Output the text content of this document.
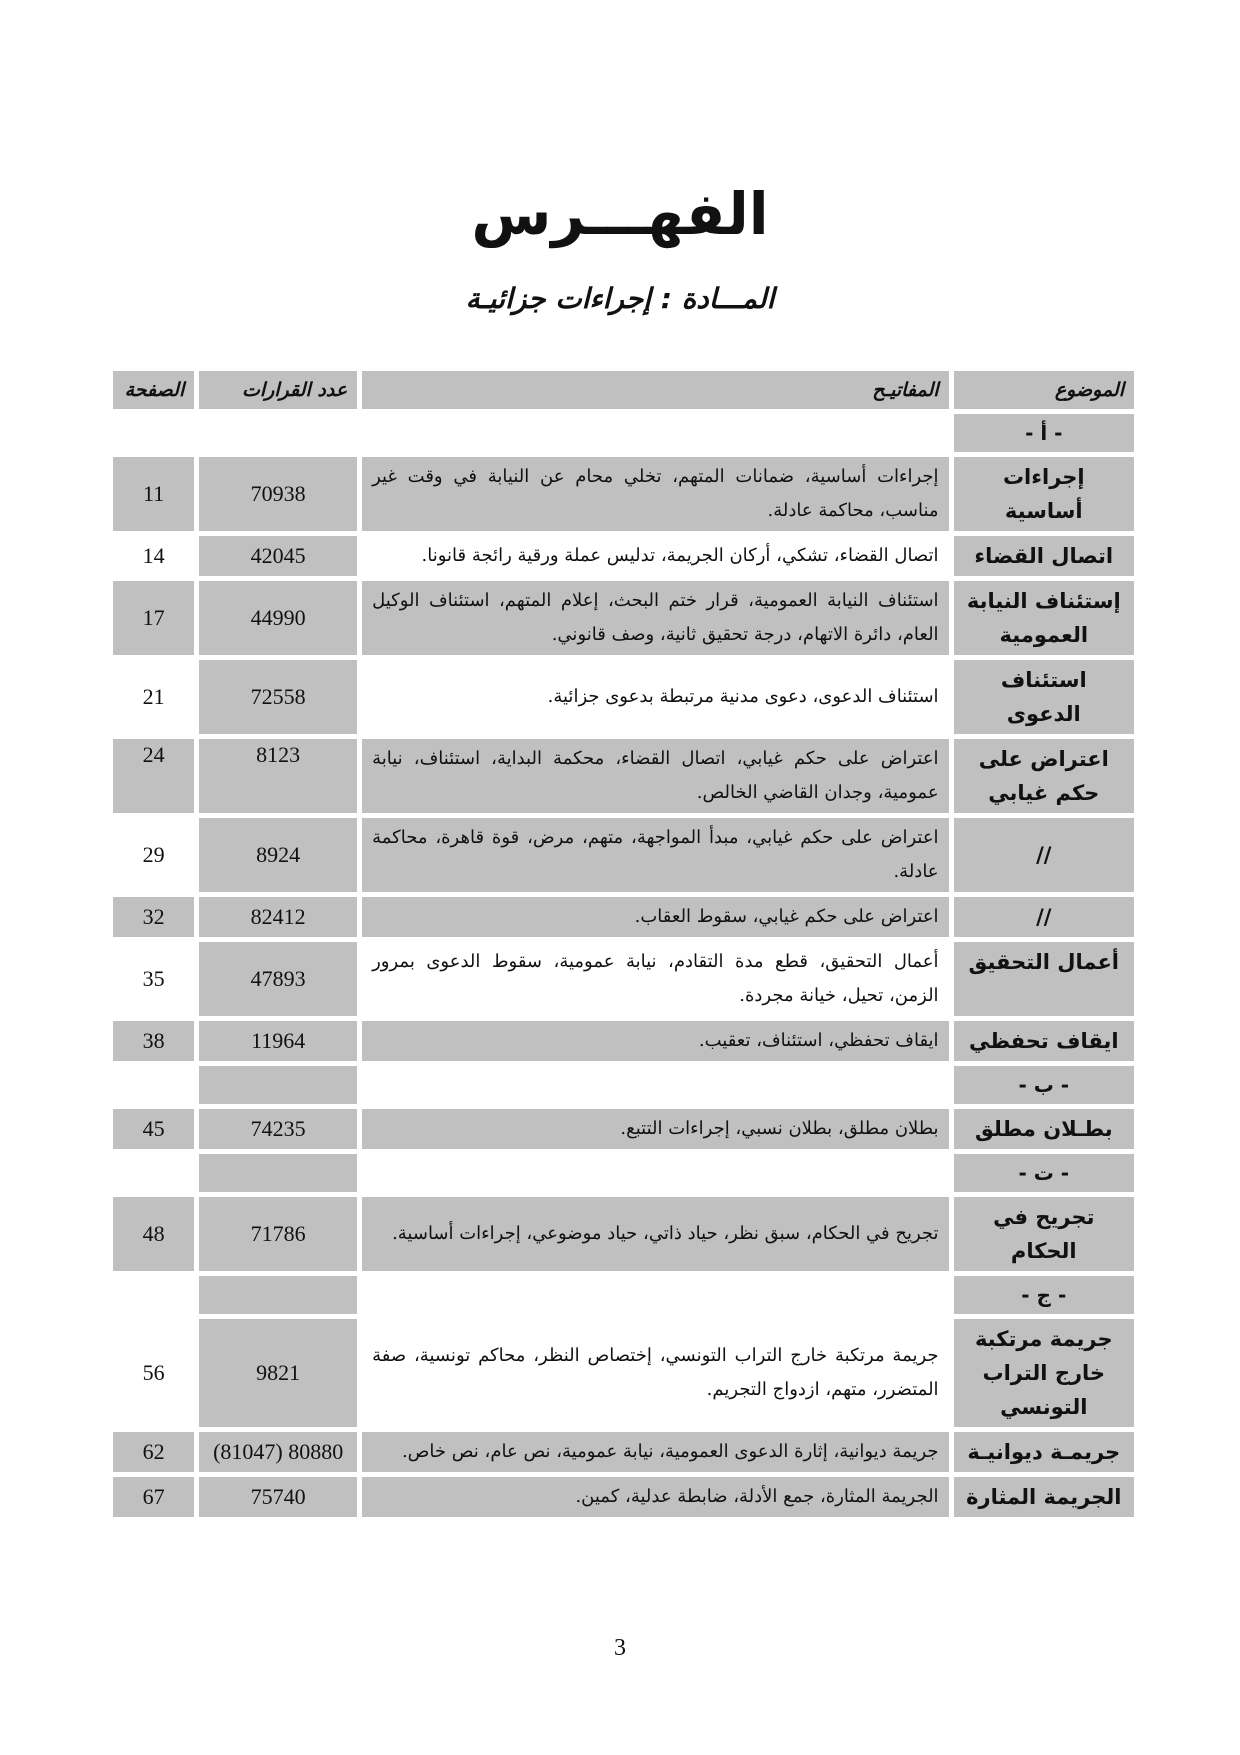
الفهـــرس
المـــادة : إجراءات جزائيـة
الموضوع	المفاتيـح	عدد القرارات	الصفحة
- أ -			
إجراءات أساسية	إجراءات أساسية، ضمانات المتهم، تخلي محام عن النيابة في وقت غير مناسب، محاكمة عادلة.	70938	11
اتصال القضاء	اتصال القضاء، تشكي، أركان الجريمة، تدليس عملة ورقية رائجة قانونا.	42045	14
إستئناف النيابة العمومية	استئناف النيابة العمومية، قرار ختم البحث، إعلام المتهم، استئناف الوكيل العام، دائرة الاتهام، درجة تحقيق ثانية، وصف قانوني.	44990	17
استئناف الدعوى	استئناف الدعوى، دعوى مدنية مرتبطة بدعوى جزائية.	72558	21
اعتراض على حكم غيابي	اعتراض على حكم غيابي، اتصال القضاء، محكمة البداية، استئناف، نيابة عمومية، وجدان القاضي الخالص.	8123	24
//	اعتراض على حكم غيابي، مبدأ المواجهة، متهم، مرض، قوة قاهرة، محاكمة عادلة.	8924	29
//	اعتراض على حكم غيابي، سقوط العقاب.	82412	32
أعمال التحقيق	أعمال التحقيق، قطع مدة التقادم، نيابة عمومية، سقوط الدعوى بمرور الزمن، تحيل، خيانة مجردة.	47893	35
ايقاف تحفظي	ايقاف تحفظي، استئناف، تعقيب.	11964	38
- ب -			
بطـلان مطلق	بطلان مطلق، بطلان نسبي، إجراءات التتبع.	74235	45
- ت -			
تجريح في الحكام	تجريح في الحكام، سبق نظر، حياد ذاتي، حياد موضوعي، إجراءات أساسية.	71786	48
- ج -			
جريمة مرتكبة خارج التراب التونسي	جريمة مرتكبة خارج التراب التونسي، إختصاص النظر، محاكم تونسية، صفة المتضرر، متهم، ازدواج التجريم.	9821	56
جريمـة ديوانيـة	جريمة ديوانية، إثارة الدعوى العمومية، نيابة عمومية، نص عام، نص خاص.	80880 (81047)	62
الجريمة المثارة	الجريمة المثارة، جمع الأدلة، ضابطة عدلية، كمين.	75740	67
3
